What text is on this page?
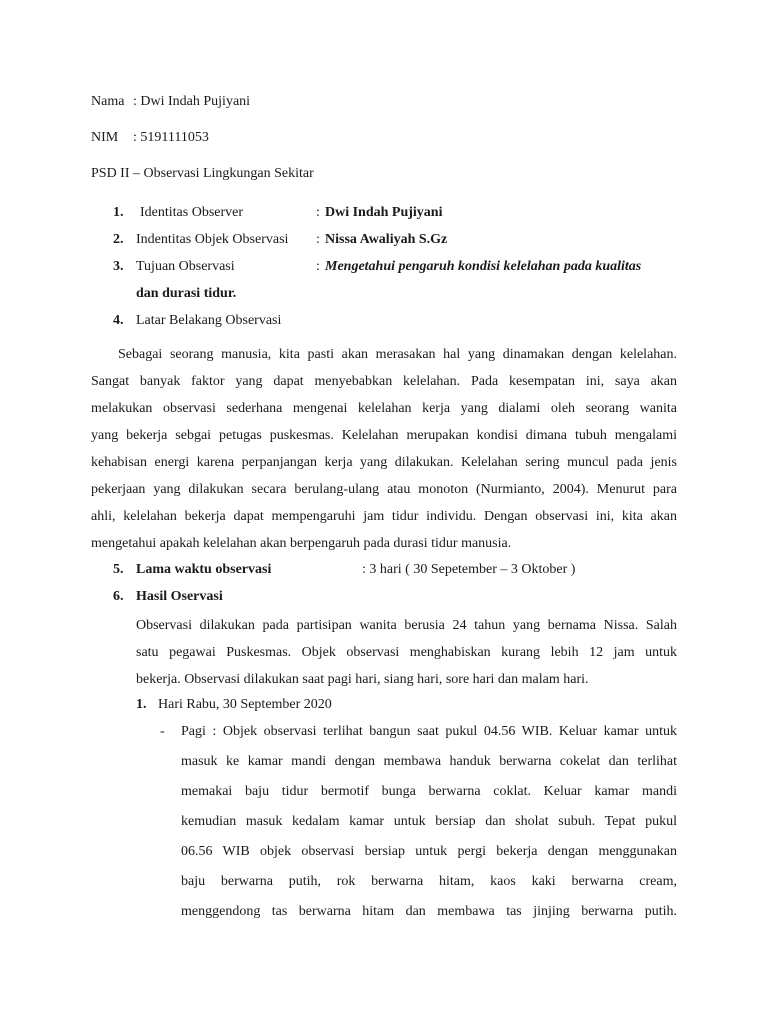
Nama : Dwi Indah Pujiyani
NIM : 5191111053
PSD II – Observasi Lingkungan Sekitar
1. Identitas Observer	: Dwi Indah Pujiyani
2. Indentitas Objek Observasi : Nissa Awaliyah S.Gz
3. Tujuan Observasi	: Mengetahui pengaruh kondisi kelelahan pada kualitas
dan durasi tidur.
4. Latar Belakang Observasi
Sebagai seorang manusia, kita pasti akan merasakan hal yang dinamakan dengan kelelahan.
Sangat banyak faktor yang dapat menyebabkan kelelahan. Pada kesempatan ini, saya akan
melakukan observasi sederhana mengenai kelelahan kerja yang dialami oleh seorang wanita
yang bekerja sebgai petugas puskesmas. Kelelahan merupakan kondisi dimana tubuh mengalami
kehabisan energi karena perpanjangan kerja yang dilakukan. Kelelahan sering muncul pada jenis
pekerjaan yang dilakukan secara berulang-ulang atau monoton (Nurmianto, 2004). Menurut para
ahli, kelelahan bekerja dapat mempengaruhi jam tidur individu. Dengan observasi ini, kita akan
mengetahui apakah kelelahan akan berpengaruh pada durasi tidur manusia.
5. Lama waktu observasi	: 3 hari ( 30 Sepetember – 3 Oktober )
6. Hasil Oservasi
Observasi dilakukan pada partisipan wanita berusia 24 tahun yang bernama Nissa. Salah
satu pegawai Puskesmas. Objek observasi menghabiskan kurang lebih 12 jam untuk
bekerja. Observasi dilakukan saat pagi hari, siang hari, sore hari dan malam hari.
1. Hari Rabu, 30 September 2020
- Pagi : Objek observasi terlihat bangun saat pukul 04.56 WIB. Keluar kamar untuk
masuk ke kamar mandi dengan membawa handuk berwarna cokelat dan terlihat
memakai baju tidur bermotif bunga berwarna coklat. Keluar kamar mandi
kemudian masuk kedalam kamar untuk bersiap dan sholat subuh. Tepat pukul
06.56 WIB objek observasi bersiap untuk pergi bekerja dengan menggunakan
baju berwarna putih, rok berwarna hitam, kaos kaki berwarna cream,
menggendong tas berwarna hitam dan membawa tas jinjing berwarna putih.
